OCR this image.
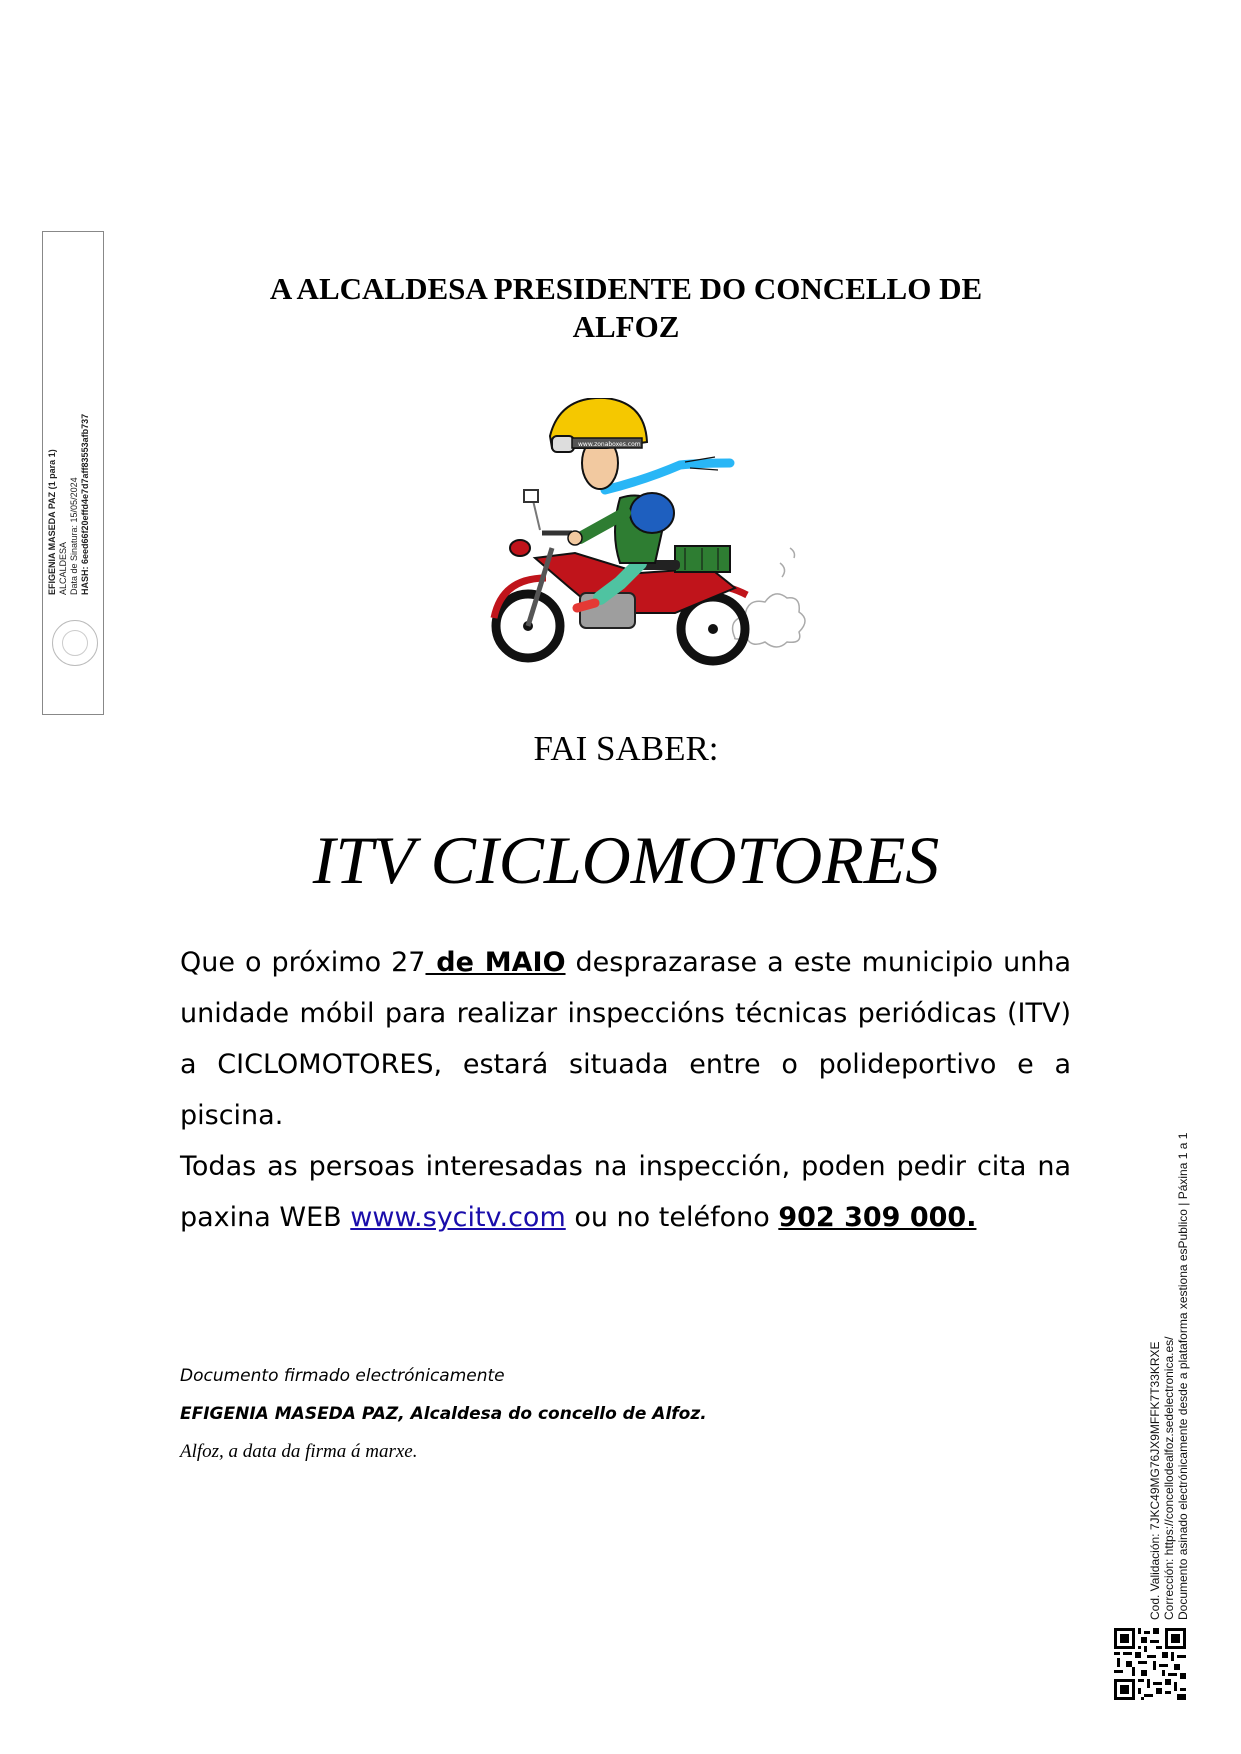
EFIGENIA MASEDA PAZ (1 para 1) ALCALDESA Data de Sinatura: 15/05/2024 HASH: 6eed66f20effd4e7d7aff83553afb737
A ALCALDESA PRESIDENTE DO CONCELLO DE
ALFOZ
www.zonaboxes.com
FAI SABER:
ITV CICLOMOTORES

Que o próximo 27 de MAIO desprazarase a este municipio unha unidade móbil para realizar inspeccións técnicas periódicas (ITV) a CICLOMOTORES, estará situada entre o polideportivo e a piscina.

Todas as persoas interesadas na inspección, poden pedir cita na paxina WEB www.sycitv.com ou no teléfono 902 309 000.

Documento firmado electrónicamente
EFIGENIA MASEDA PAZ, Alcaldesa do concello de Alfoz.
Alfoz, a data da firma á marxe.	Cod. Validación: 7JKC49MG76JX9MFFK7T33KRXE Corrección: https://concellodealfoz.sedelectronica.es/ Documento asinado electrónicamente desde a plataforma xestiona esPublico | Páxina 1 a 1
